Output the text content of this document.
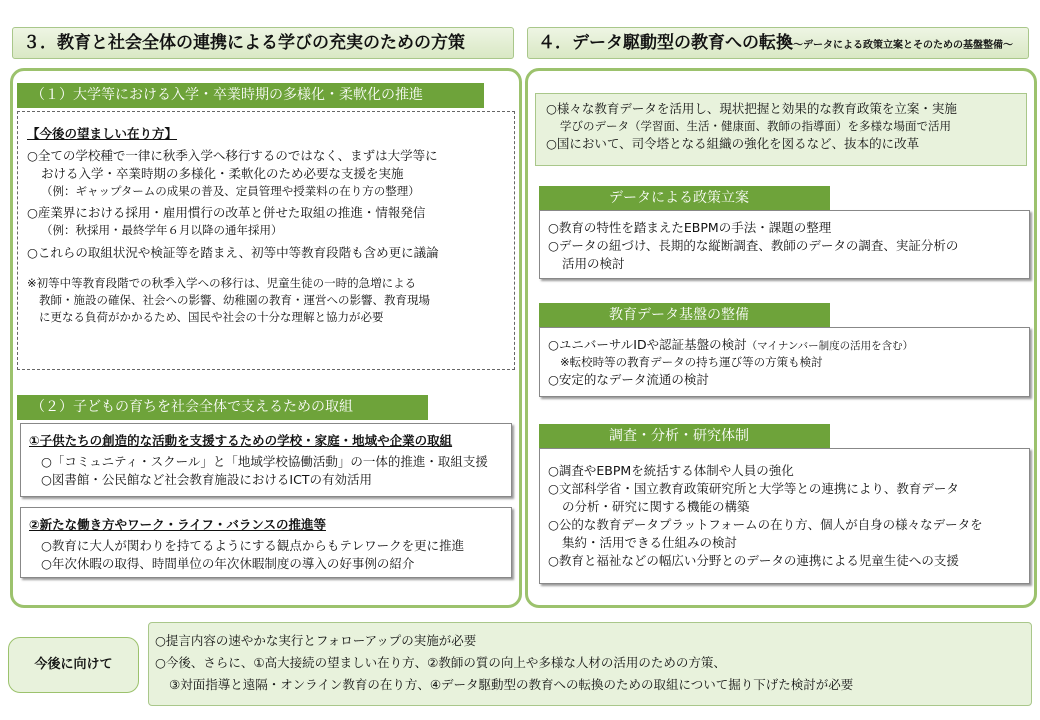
３．教育と社会全体の連携による学びの充実のための方策	４．データ駆動型の教育への転換～データによる政策立案とそのための基盤整備～
（１）大学等における入学・卒業時期の多様化・柔軟化の推進
【今後の望ましい在り方】
○全ての学校種で一律に秋季入学へ移行するのではなく、まずは大学等に
おける入学・卒業時期の多様化・柔軟化のため必要な支援を実施
（例：ギャップタームの成果の普及、定員管理や授業料の在り方の整理）
○産業界における採用・雇用慣行の改革と併せた取組の推進・情報発信
（例：秋採用・最終学年６月以降の通年採用）
○これらの取組状況や検証等を踏まえ、初等中等教育段階も含め更に議論
※初等中等教育段階での秋季入学への移行は、児童生徒の一時的急増による
教師・施設の確保、社会への影響、幼稚園の教育・運営への影響、教育現場
に更なる負荷がかかるため、国民や社会の十分な理解と協力が必要
（２）子どもの育ちを社会全体で支えるための取組
①子供たちの創造的な活動を支援するための学校・家庭・地域や企業の取組
○「コミュニティ・スクール」と「地域学校協働活動」の一体的推進・取組支援
○図書館・公民館など社会教育施設におけるICTの有効活用
②新たな働き方やワーク・ライフ・バランスの推進等
○教育に大人が関わりを持てるようにする観点からもテレワークを更に推進
○年次休暇の取得、時間単位の年次休暇制度の導入の好事例の紹介
○様々な教育データを活用し、現状把握と効果的な教育政策を立案・実施
学びのデータ（学習面、生活・健康面、教師の指導面）を多様な場面で活用
○国において、司令塔となる組織の強化を図るなど、抜本的に改革
データによる政策立案
○教育の特性を踏まえたEBPMの手法・課題の整理
○データの紐づけ、長期的な縦断調査、教師のデータの調査、実証分析の
活用の検討
教育データ基盤の整備
○ユニバーサルIDや認証基盤の検討（マイナンバー制度の活用を含む）
※転校時等の教育データの持ち運び等の方策も検討
○安定的なデータ流通の検討
調査・分析・研究体制
○調査やEBPMを統括する体制や人員の強化
○文部科学省・国立教育政策研究所と大学等との連携により、教育データ
の分析・研究に関する機能の構築
○公的な教育データプラットフォームの在り方、個人が自身の様々なデータを
集約・活用できる仕組みの検討
○教育と福祉などの幅広い分野とのデータの連携による児童生徒への支援
今後に向けて
○提言内容の速やかな実行とフォローアップの実施が必要
○今後、さらに、①高大接続の望ましい在り方、②教師の質の向上や多様な人材の活用のための方策、
③対面指導と遠隔・オンライン教育の在り方、④データ駆動型の教育への転換のための取組について掘り下げた検討が必要
